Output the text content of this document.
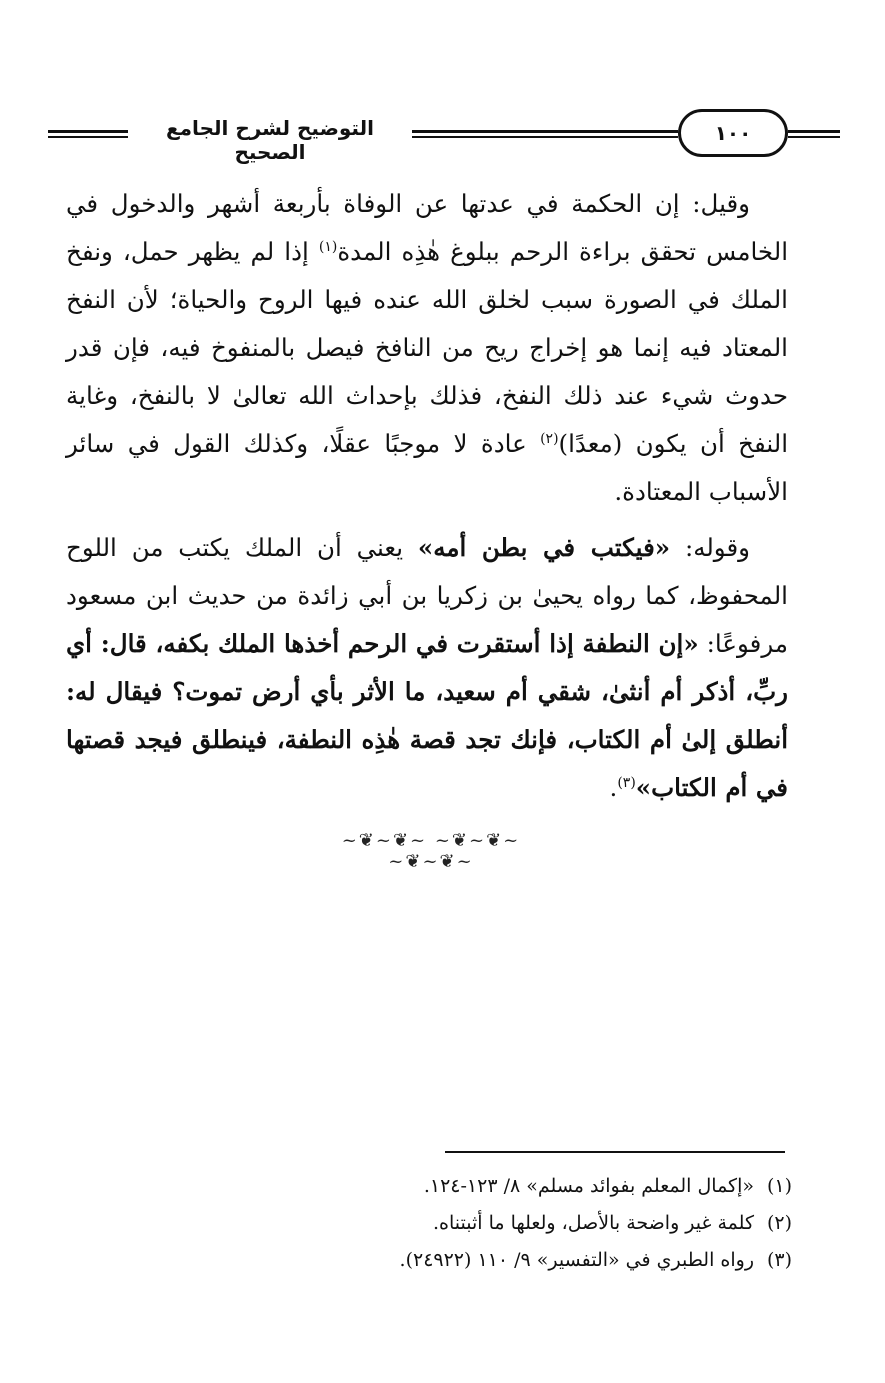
التوضيح لشرح الجامع الصحيح
١٠٠

وقيل: إن الحكمة في عدتها عن الوفاة بأربعة أشهر والدخول في الخامس تحقق براءة الرحم ببلوغ هٰذِه المدة$^{(١)}$ إذا لم يظهر حمل، ونفخ الملك في الصورة سبب لخلق الله عنده فيها الروح والحياة؛ لأن النفخ المعتاد فيه إنما هو إخراج ريح من النافخ فيصل بالمنفوخ فيه، فإن قدر حدوث شيء عند ذلك النفخ، فذلك بإحداث الله تعالىٰ لا بالنفخ، وغاية النفخ أن يكون (معدًا)$^{(٢)}$ عادة لا موجبًا عقلًا، وكذلك القول في سائر الأسباب المعتادة.

وقوله: «فيكتب في بطن أمه» يعني أن الملك يكتب من اللوح المحفوظ، كما رواه يحيىٰ بن زكريا بن أبي زائدة من حديث ابن مسعود مرفوعًا: «إن النطفة إذا أستقرت في الرحم أخذها الملك بكفه، قال: أي ربِّ، أذكر أم أنثىٰ، شقي أم سعيد، ما الأثر بأي أرض تموت؟ فيقال له: أنطلق إلىٰ أم الكتاب، فإنك تجد قصة هٰذِه النطفة، فينطلق فيجد قصتها في أم الكتاب»$^{(٣)}$.

~❦~❦~ ~❦~❦~ ~❦~❦~
(١)
«إكمال المعلم بفوائد مسلم» ٨/ ١٢٣-١٢٤.
(٢)
كلمة غير واضحة بالأصل، ولعلها ما أثبتناه.
(٣)
رواه الطبري في «التفسير» ٩/ ١١٠ (٢٤٩٢٢).
